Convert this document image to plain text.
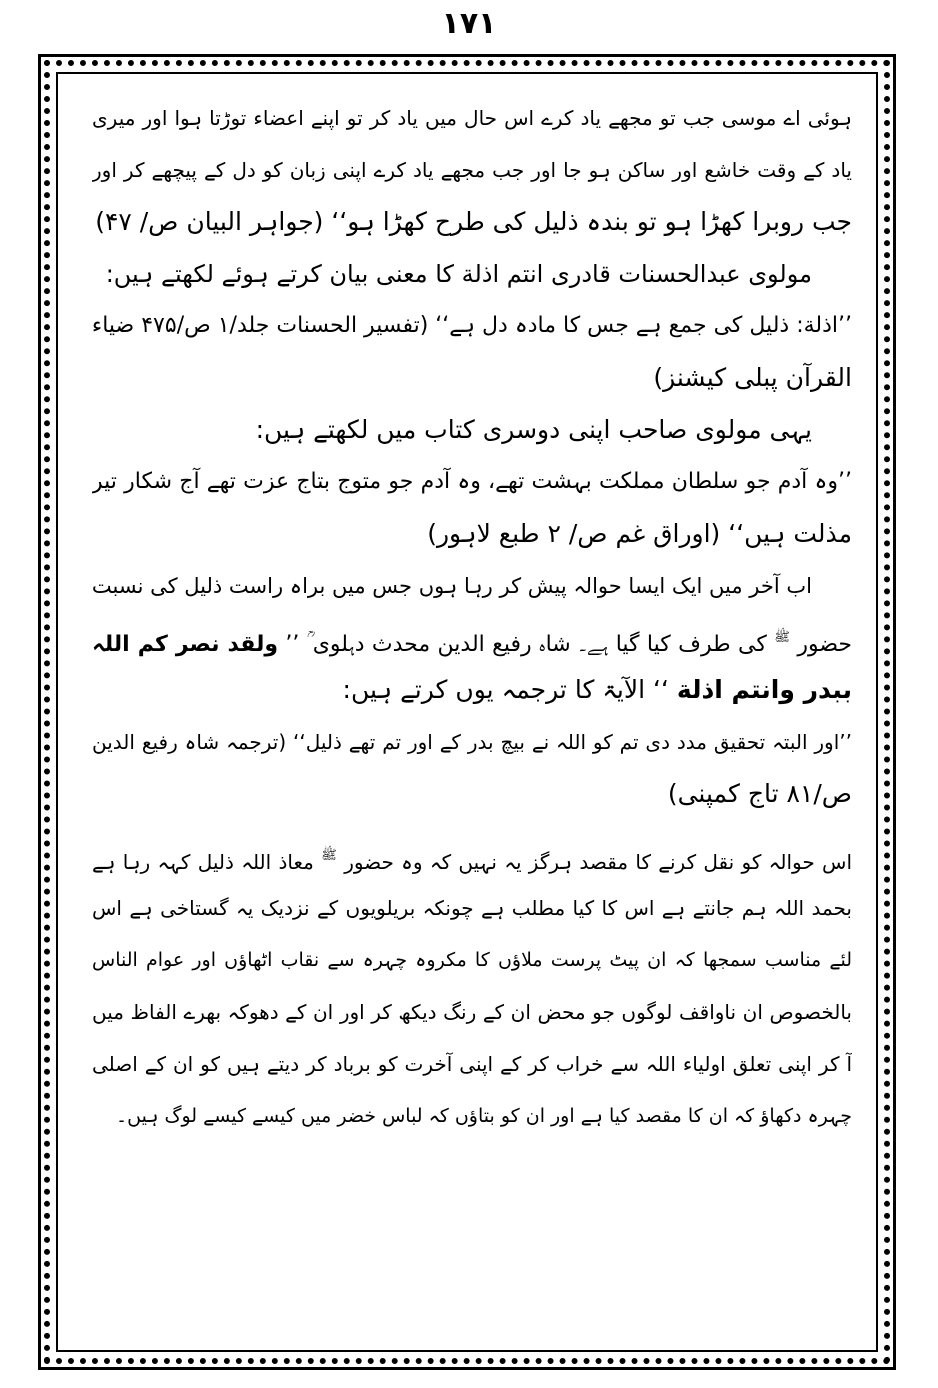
۱۷۱
ہوئی اے موسی جب تو مجھے یاد کرے اس حال میں یاد کر تو اپنے اعضاء توڑتا ہوا اور میری
یاد کے وقت خاشع اور ساکن ہو جا اور جب مجھے یاد کرے اپنی زبان کو دل کے پیچھے کر اور
جب روبرا کھڑا ہو تو بندہ ذلیل کی طرح کھڑا ہو‘‘ (جواہر البیان ص/ ۴۷)
مولوی عبدالحسنات قادری انتم اذلة کا معنی بیان کرتے ہوئے لکھتے ہیں:
’’اذلة: ذلیل کی جمع ہے جس کا مادہ دل ہے‘‘ (تفسیر الحسنات جلد/۱ ص/۴۷۵ ضیاء
القرآن پبلی کیشنز)
یہی مولوی صاحب اپنی دوسری کتاب میں لکھتے ہیں:
’’وہ آدم جو سلطان مملکت بہشت تھے، وہ آدم جو متوج بتاج عزت تھے آج شکار تیر
مذلت ہیں‘‘ (اوراق غم ص/ ۲ طبع لاہور)
اب آخر میں ایک ایسا حوالہ پیش کر رہا ہوں جس میں براہ راست ذلیل کی نسبت
حضور $^ﷺ$ کی طرف کیا گیا ہے۔ شاہ رفیع الدین محدث دہلوی ؒ ’’ ولقد نصر کم اللہ
ببدر وانتم اذلة ‘‘ الآیۃ کا ترجمہ یوں کرتے ہیں:
’’اور البتہ تحقیق مدد دی تم کو اللہ نے بیچ بدر کے اور تم تھے ذلیل‘‘ (ترجمہ شاہ رفیع الدین
ص/۸۱ تاج کمپنی)
اس حوالہ کو نقل کرنے کا مقصد ہرگز یہ نہیں کہ وہ حضور $^ﷺ$ معاذ اللہ ذلیل کہہ رہا ہے
بحمد اللہ ہم جانتے ہے اس کا کیا مطلب ہے چونکہ بریلویوں کے نزدیک یہ گستاخی ہے اس
لئے مناسب سمجھا کہ ان پیٹ پرست ملاؤں کا مکروہ چہرہ سے نقاب اٹھاؤں اور عوام الناس
بالخصوص ان ناواقف لوگوں جو محض ان کے رنگ دیکھ کر اور ان کے دھوکہ بھرے الفاظ میں
آ کر اپنی تعلق اولیاء اللہ سے خراب کر کے اپنی آخرت کو برباد کر دیتے ہیں کو ان کے اصلی
چہرہ دکھاؤ کہ ان کا مقصد کیا ہے اور ان کو بتاؤں کہ لباس خضر میں کیسے کیسے لوگ ہیں۔
